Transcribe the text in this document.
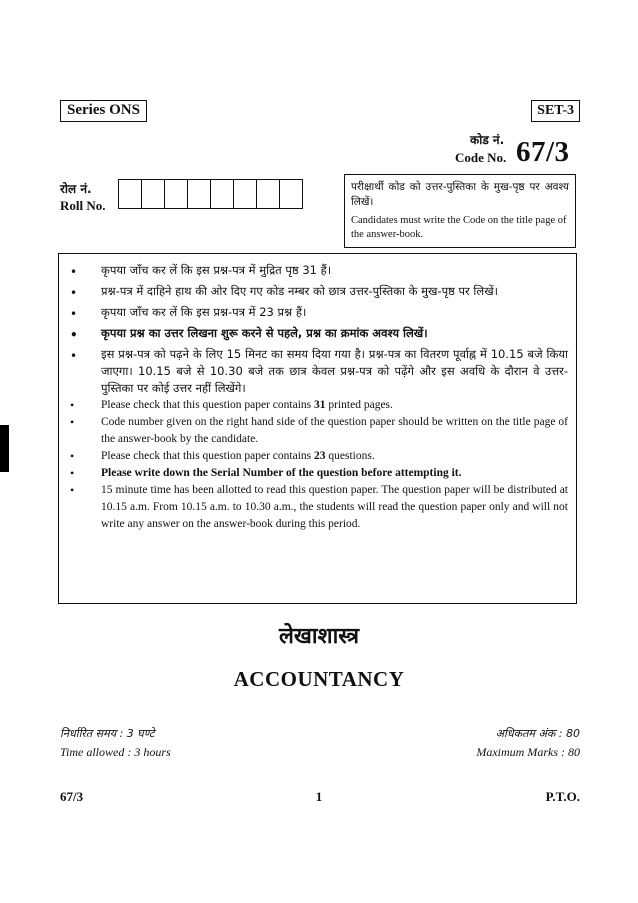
Series ONS	SET-3
कोड नं.
Code No. 67/3
रोल नं.
Roll No.
परीक्षार्थी कोड को उत्तर-पुस्तिका के मुख-पृष्ठ पर अवश्य लिखें।
Candidates must write the Code on the title page of the answer-book.
•	कृपया जाँच कर लें कि इस प्रश्न-पत्र में मुद्रित पृष्ठ 31 हैं।
•	प्रश्न-पत्र में दाहिने हाथ की ओर दिए गए कोड नम्बर को छात्र उत्तर-पुस्तिका के मुख-पृष्ठ पर लिखें।
•	कृपया जाँच कर लें कि इस प्रश्न-पत्र में 23 प्रश्न हैं।
•	कृपया प्रश्न का उत्तर लिखना शुरू करने से पहले, प्रश्न का क्रमांक अवश्य लिखें।
•	इस प्रश्न-पत्र को पढ़ने के लिए 15 मिनट का समय दिया गया है। प्रश्न-पत्र का वितरण पूर्वाह्न में 10.15 बजे किया जाएगा। 10.15 बजे से 10.30 बजे तक छात्र केवल प्रश्न-पत्र को पढ़ेंगे और इस अवधि के दौरान वे उत्तर-पुस्तिका पर कोई उत्तर नहीं लिखेंगे।
•	Please check that this question paper contains 31 printed pages.
•	Code number given on the right hand side of the question paper should be written on the title page of the answer-book by the candidate.
•	Please check that this question paper contains 23 questions.
•	Please write down the Serial Number of the question before attempting it.
•	15 minute time has been allotted to read this question paper. The question paper will be distributed at 10.15 a.m. From 10.15 a.m. to 10.30 a.m., the students will read the question paper only and will not write any answer on the answer-book during this period.
लेखाशास्त्र
ACCOUNTANCY
निर्धारित समय : 3 घण्टे
Time allowed : 3 hours
अधिकतम अंक : 80
Maximum Marks : 80
67/3	1	P.T.O.
